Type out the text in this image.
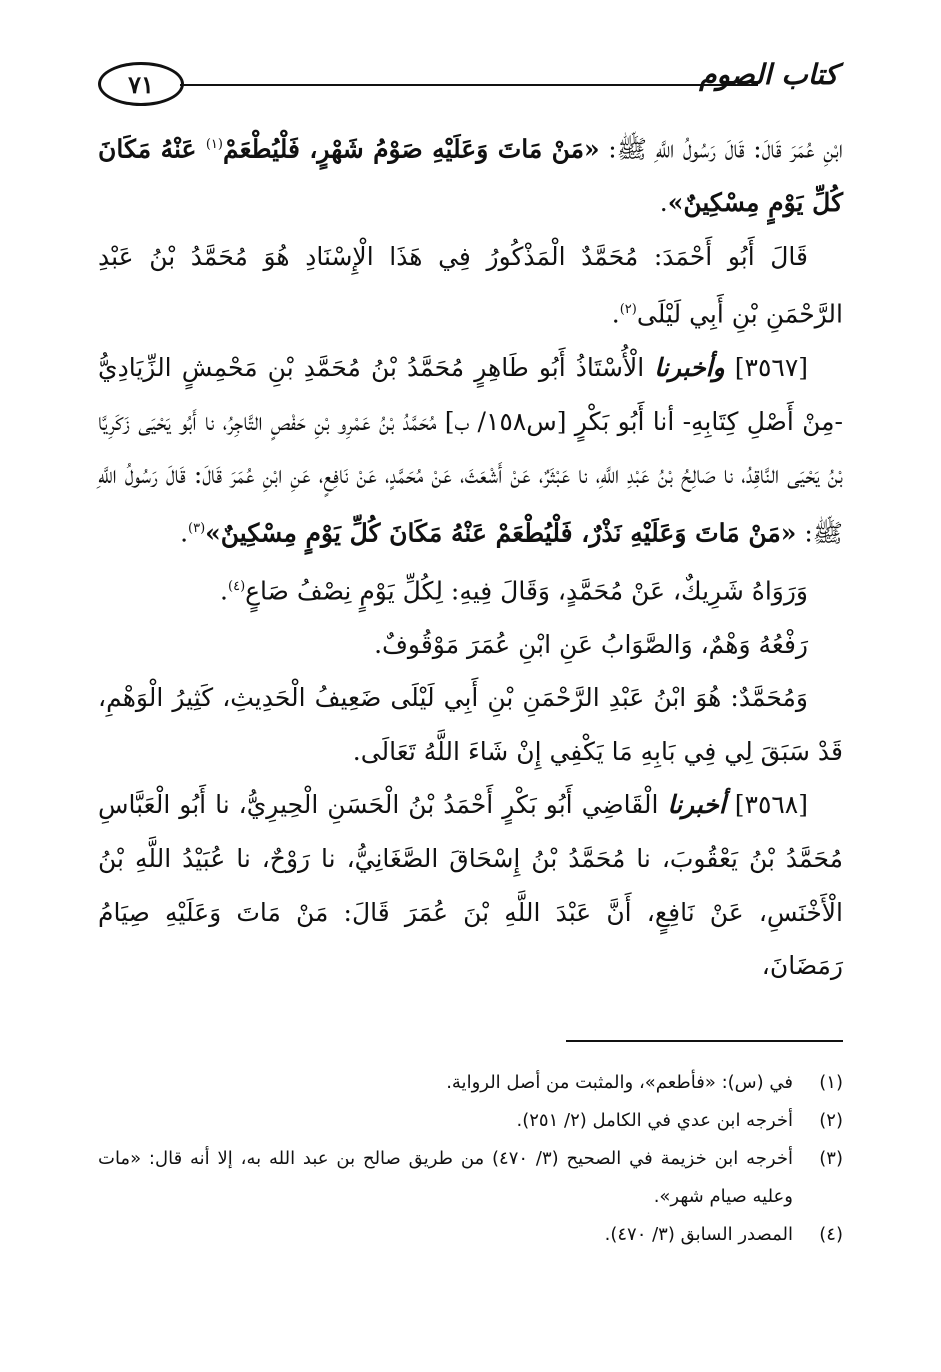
٧١	كتاب الصوم

ابْنِ عُمَرَ قَالَ: قَالَ رَسُولُ اللَّهِ ﷺ: «مَنْ مَاتَ وَعَلَيْهِ صَوْمُ شَهْرٍ، فَلْيُطْعَمْ$^{(١)}$ عَنْهُ مَكَانَ كُلِّ يَوْمٍ مِسْكِينٌ».

قَالَ أَبُو أَحْمَدَ: مُحَمَّدٌ الْمَذْكُورُ فِي هَذَا الْإِسْنَادِ هُوَ مُحَمَّدُ بْنُ عَبْدِ الرَّحْمَنِ بْنِ أَبِي لَيْلَى$^{(٢)}$.

[٣٥٦٧] وأخبرنا الْأُسْتَاذُ أَبُو طَاهِرٍ مُحَمَّدُ بْنُ مُحَمَّدِ بْنِ مَحْمِشٍ الزِّيَادِيُّ -مِنْ أَصْلِ كِتَابِهِ- أنا أَبُو بَكْرٍ [س١٥٨/ ب] مُحَمَّدُ بْنُ عَمْرِو بْنِ حَفْصٍ التَّاجِرُ، نا أَبُو يَحْيَى زَكَرِيَّا بْنُ يَحْيَى النَّاقِدُ، نا صَالِحُ بْنُ عَبْدِ اللَّهِ، نا عَبْثَرٌ، عَنْ أَشْعَثَ، عَنْ مُحَمَّدٍ، عَنْ نَافِعٍ، عَنِ ابْنِ عُمَرَ قَالَ: قَالَ رَسُولُ اللَّهِ ﷺ: «مَنْ مَاتَ وَعَلَيْهِ نَذْرٌ، فَلْيُطْعَمْ عَنْهُ مَكَانَ كُلِّ يَوْمٍ مِسْكِينٌ»$^{(٣)}$.

وَرَوَاهُ شَرِيكٌ، عَنْ مُحَمَّدٍ، وَقَالَ فِيهِ: لِكُلِّ يَوْمٍ نِصْفُ صَاعٍ$^{(٤)}$.

رَفْعُهُ وَهْمٌ، وَالصَّوَابُ عَنِ ابْنِ عُمَرَ مَوْقُوفٌ.

وَمُحَمَّدٌ: هُوَ ابْنُ عَبْدِ الرَّحْمَنِ بْنِ أَبِي لَيْلَى ضَعِيفُ الْحَدِيثِ، كَثِيرُ الْوَهْمِ، قَدْ سَبَقَ لِي فِي بَابِهِ مَا يَكْفِي إِنْ شَاءَ اللَّهُ تَعَالَى.

[٣٥٦٨] أخبرنا الْقَاضِي أَبُو بَكْرٍ أَحْمَدُ بْنُ الْحَسَنِ الْحِيرِيُّ، نا أَبُو الْعَبَّاسِ مُحَمَّدُ بْنُ يَعْقُوبَ، نا مُحَمَّدُ بْنُ إِسْحَاقَ الصَّغَانِيُّ، نا رَوْحٌ، نا عُبَيْدُ اللَّهِ بْنُ الْأَخْنَسِ، عَنْ نَافِعٍ، أَنَّ عَبْدَ اللَّهِ بْنَ عُمَرَ قَالَ: مَنْ مَاتَ وَعَلَيْهِ صِيَامُ رَمَضَانَ،

(١)
في (س): «فأطعم»، والمثبت من أصل الرواية.
(٢)
أخرجه ابن عدي في الكامل (٢/ ٢٥١).
(٣)
أخرجه ابن خزيمة في الصحيح (٣/ ٤٧٠) من طريق صالح بن عبد الله به، إلا أنه قال: «مات وعليه صيام شهر».
(٤)
المصدر السابق (٣/ ٤٧٠).
